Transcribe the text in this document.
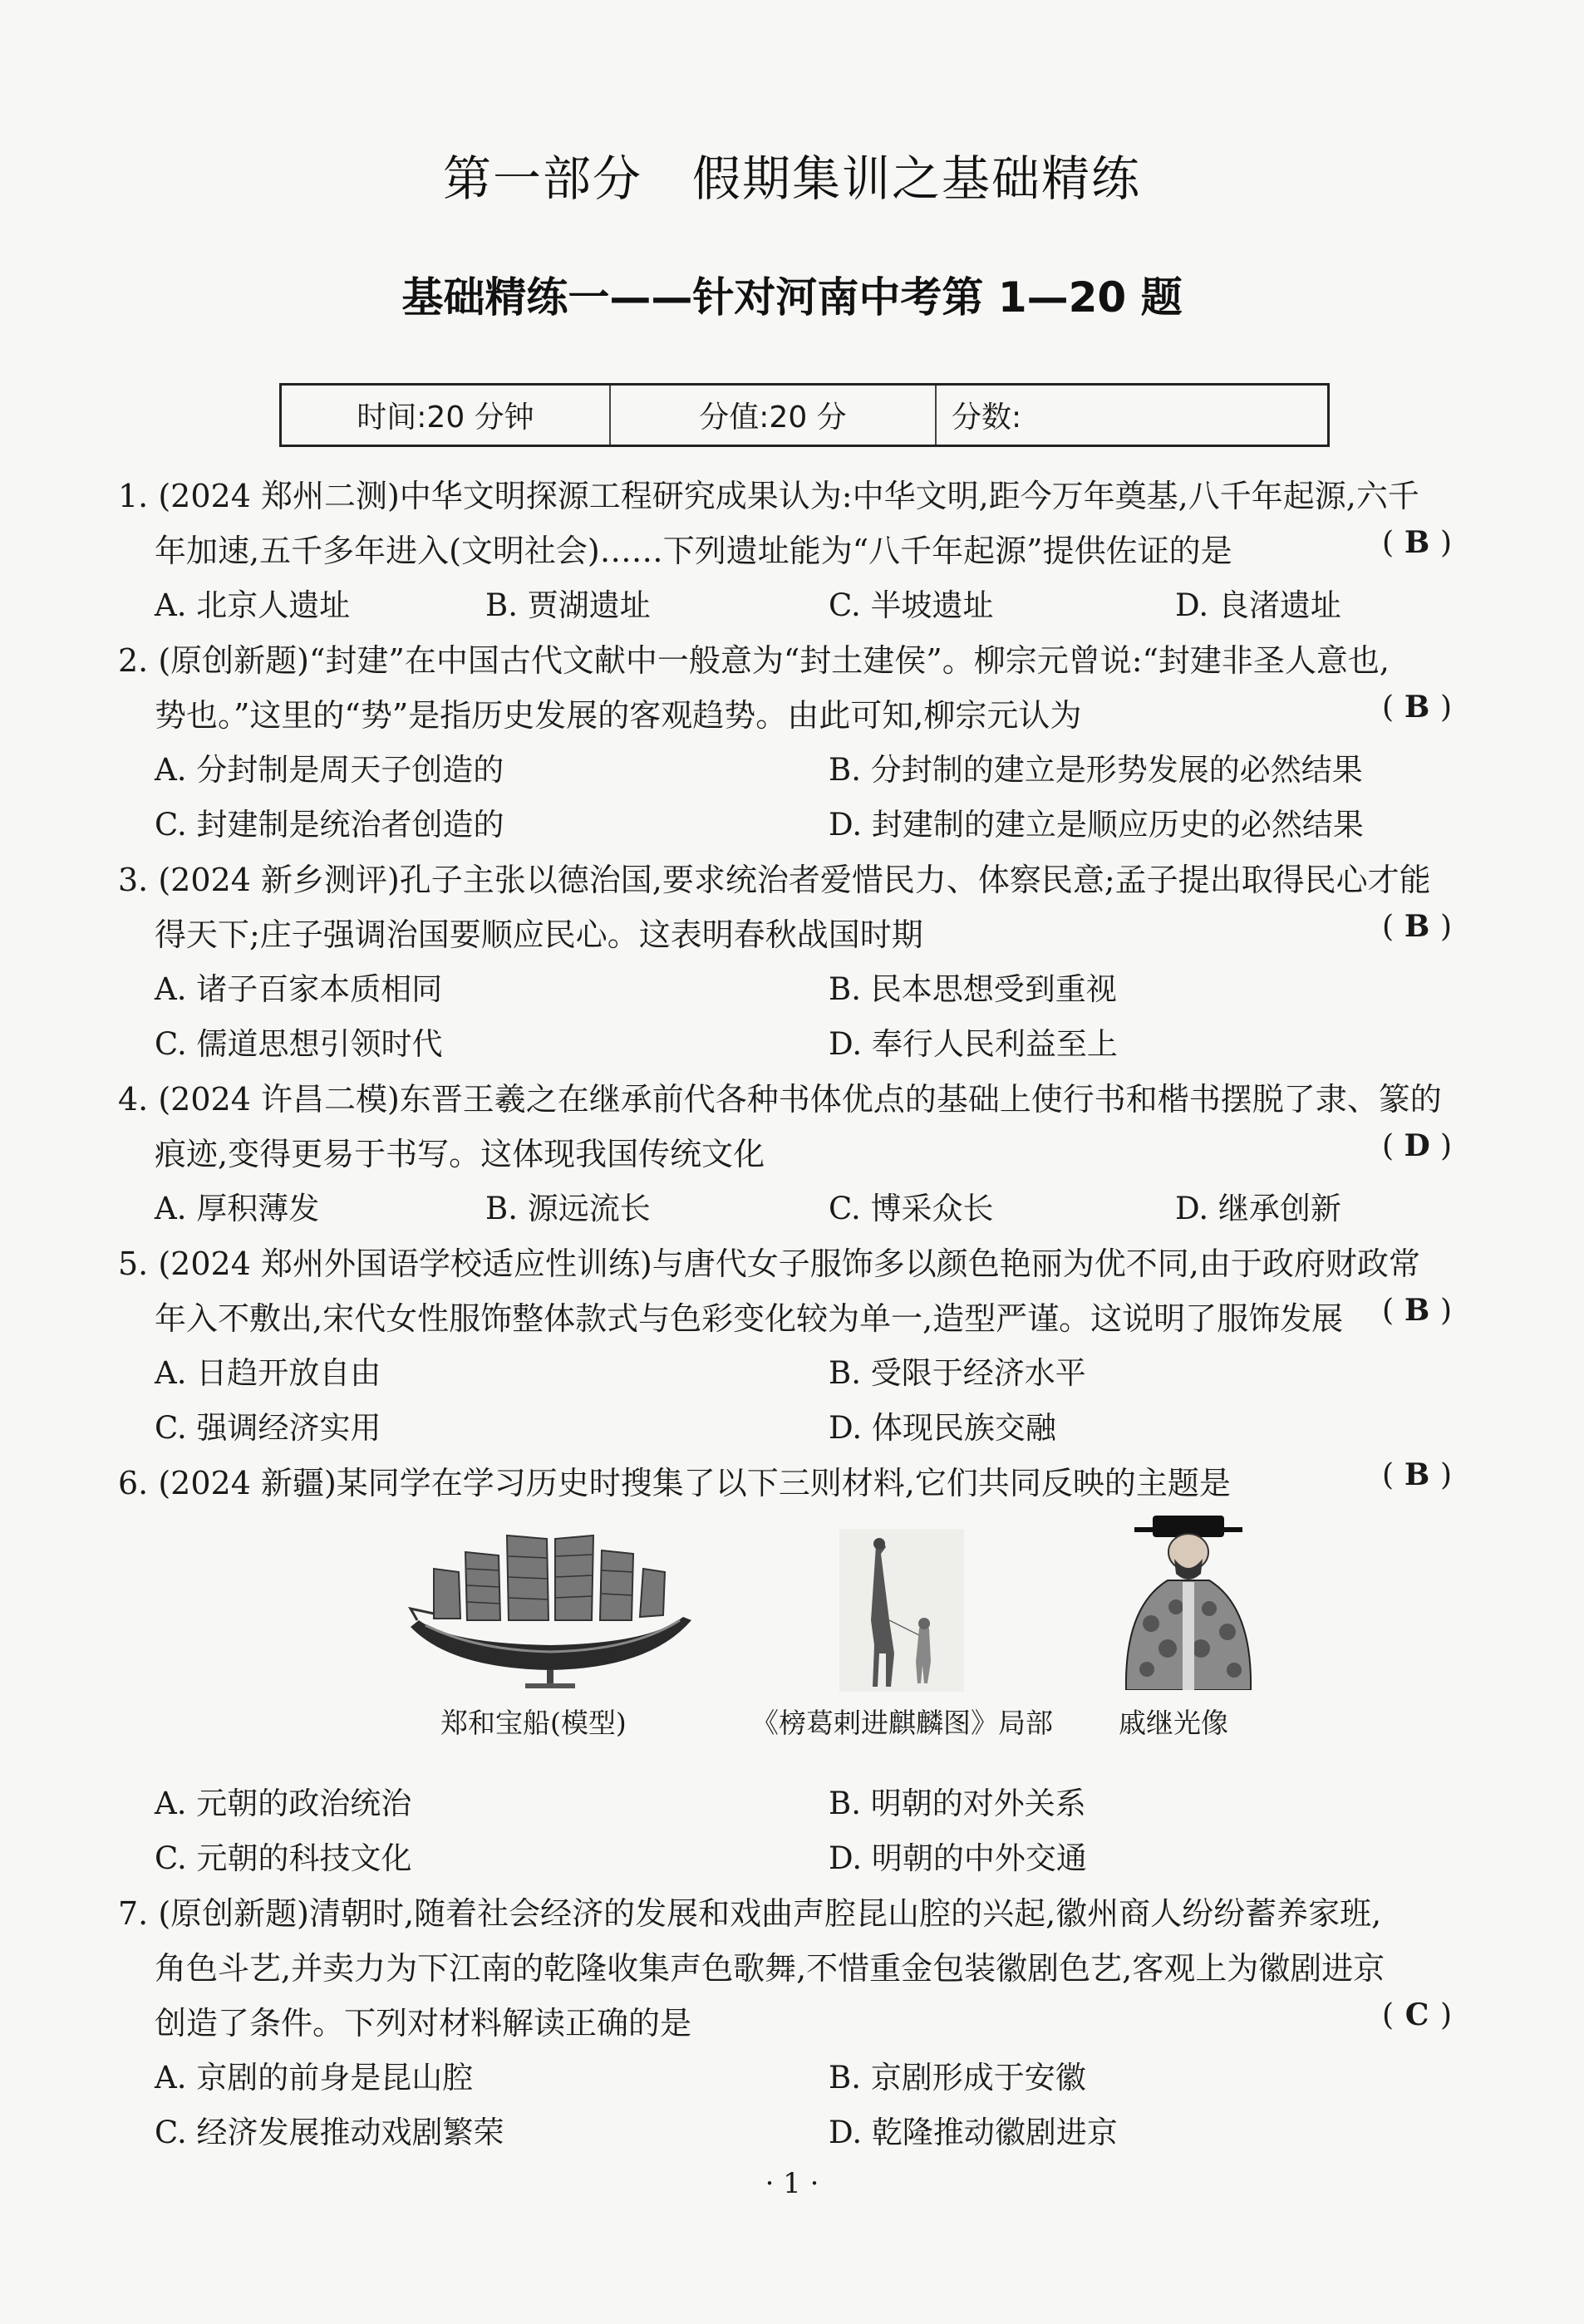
第一部分　假期集训之基础精练
基础精练一——针对河南中考第 1—20 题
时间:20 分钟	分值:20 分	分数:
1. (2024 郑州二测)中华文明探源工程研究成果认为:中华文明,距今万年奠基,八千年起源,六千
年加速,五千多年进入(文明社会)……下列遗址能为“八千年起源”提供佐证的是	( B )
A. 北京人遗址	B. 贾湖遗址	C. 半坡遗址	D. 良渚遗址
2. (原创新题)“封建”在中国古代文献中一般意为“封土建侯”。柳宗元曾说:“封建非圣人意也,
势也。”这里的“势”是指历史发展的客观趋势。由此可知,柳宗元认为	( B )
A. 分封制是周天子创造的	B. 分封制的建立是形势发展的必然结果
C. 封建制是统治者创造的	D. 封建制的建立是顺应历史的必然结果
3. (2024 新乡测评)孔子主张以德治国,要求统治者爱惜民力、体察民意;孟子提出取得民心才能
得天下;庄子强调治国要顺应民心。这表明春秋战国时期	( B )
A. 诸子百家本质相同	B. 民本思想受到重视
C. 儒道思想引领时代	D. 奉行人民利益至上
4. (2024 许昌二模)东晋王羲之在继承前代各种书体优点的基础上使行书和楷书摆脱了隶、篆的
痕迹,变得更易于书写。这体现我国传统文化	( D )
A. 厚积薄发	B. 源远流长	C. 博采众长	D. 继承创新
5. (2024 郑州外国语学校适应性训练)与唐代女子服饰多以颜色艳丽为优不同,由于政府财政常
年入不敷出,宋代女性服饰整体款式与色彩变化较为单一,造型严谨。这说明了服饰发展 ( B )
A. 日趋开放自由	B. 受限于经济水平
C. 强调经济实用	D. 体现民族交融
6. (2024 新疆)某同学在学习历史时搜集了以下三则材料,它们共同反映的主题是	( B )
郑和宝船(模型)	《榜葛剌进麒麟图》局部 戚继光像
A. 元朝的政治统治	B. 明朝的对外关系
C. 元朝的科技文化	D. 明朝的中外交通
7. (原创新题)清朝时,随着社会经济的发展和戏曲声腔昆山腔的兴起,徽州商人纷纷蓄养家班,
角色斗艺,并卖力为下江南的乾隆收集声色歌舞,不惜重金包装徽剧色艺,客观上为徽剧进京
创造了条件。下列对材料解读正确的是	( C )
A. 京剧的前身是昆山腔	B. 京剧形成于安徽
C. 经济发展推动戏剧繁荣	D. 乾隆推动徽剧进京
· 1 ·
